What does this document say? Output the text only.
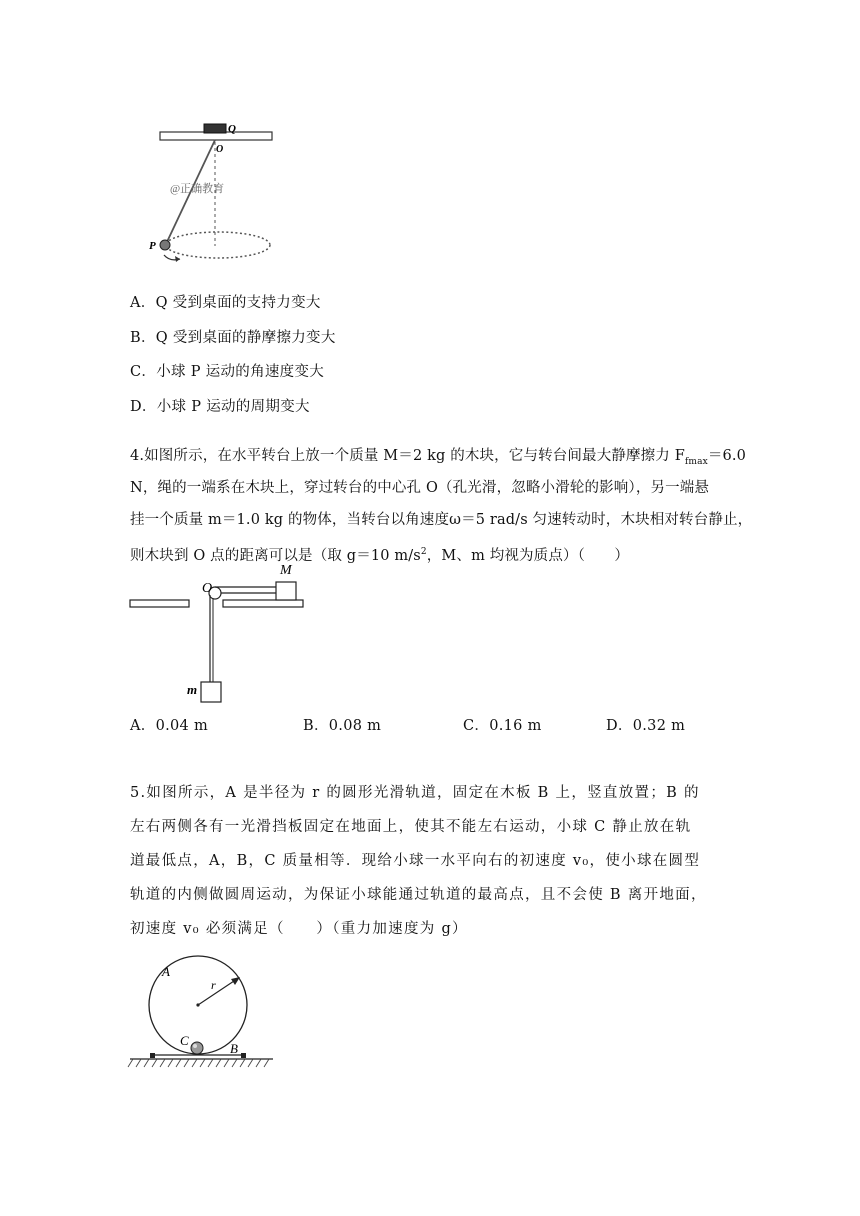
Q
O
P
@正确教育
A．Q 受到桌面的支持力变大
B．Q 受到桌面的静摩擦力变大
C．小球 P 运动的角速度变大
D．小球 P 运动的周期变大
4.如图所示，在水平转台上放一个质量 M＝2 kg 的木块，它与转台间最大静摩擦力 $F_{fmax}=6.0$
N，绳的一端系在木块上，穿过转台的中心孔 O（孔光滑，忽略小滑轮的影响），另一端悬
挂一个质量 m＝1.0 kg 的物体，当转台以角速度ω＝5 rad/s 匀速转动时，木块相对转台静止，
则木块到 O 点的距离可以是（取 g＝10 $m/s^2$，M、m 均视为质点）（　　）
O
M
m
A．0.04 m	B．0.08 m	C．0.16 m	D．0.32 m
5.如图所示，A 是半径为 r 的圆形光滑轨道，固定在木板 B 上，竖直放置；B 的
左右两侧各有一光滑挡板固定在地面上，使其不能左右运动，小球 C 静止放在轨
道最低点，A，B，C 质量相等．现给小球一水平向右的初速度 v₀，使小球在圆型
轨道的内侧做圆周运动，为保证小球能通过轨道的最高点，且不会使 B 离开地面，
初速度 v₀ 必须满足（　　）（重力加速度为 g）
r
A
C
B
